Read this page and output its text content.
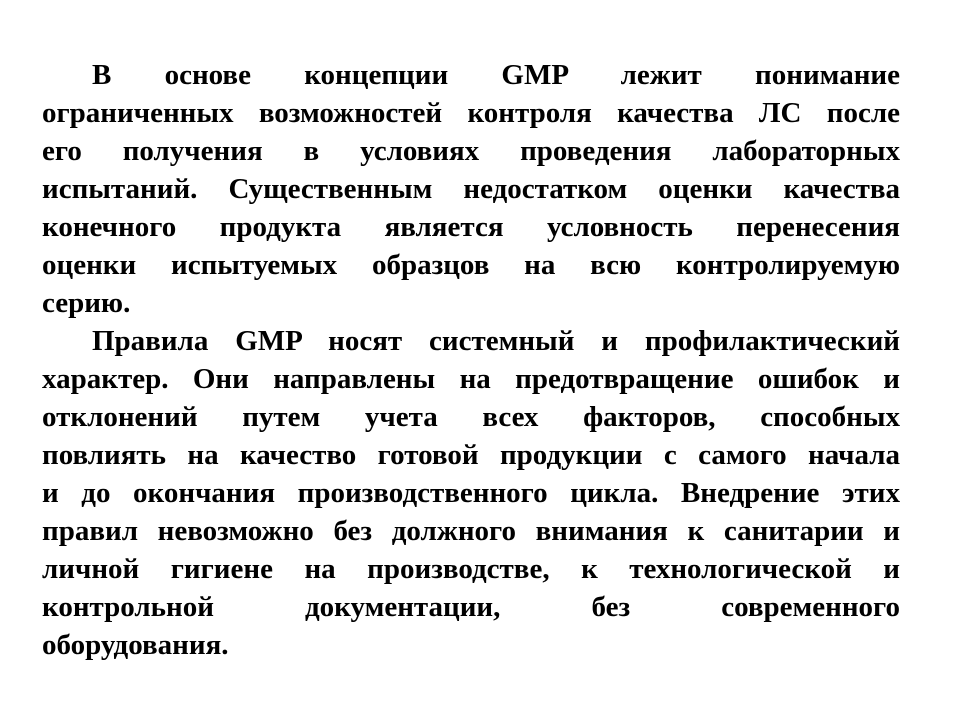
В основе концепции GMP лежит понимание
ограниченных возможностей контроля качества ЛС после
его получения в условиях проведения лабораторных
испытаний. Существенным недостатком оценки качества
конечного продукта является условность перенесения
оценки испытуемых образцов на всю контролируемую
серию.
Правила GMP носят системный и профилактический
характер. Они направлены на предотвращение ошибок и
отклонений путем учета всех факторов, способных
повлиять на качество готовой продукции с самого начала
и до окончания производственного цикла. Внедрение этих
правил невозможно без должного внимания к санитарии и
личной гигиене на производстве, к технологической и
контрольной документации, без современного
оборудования.
